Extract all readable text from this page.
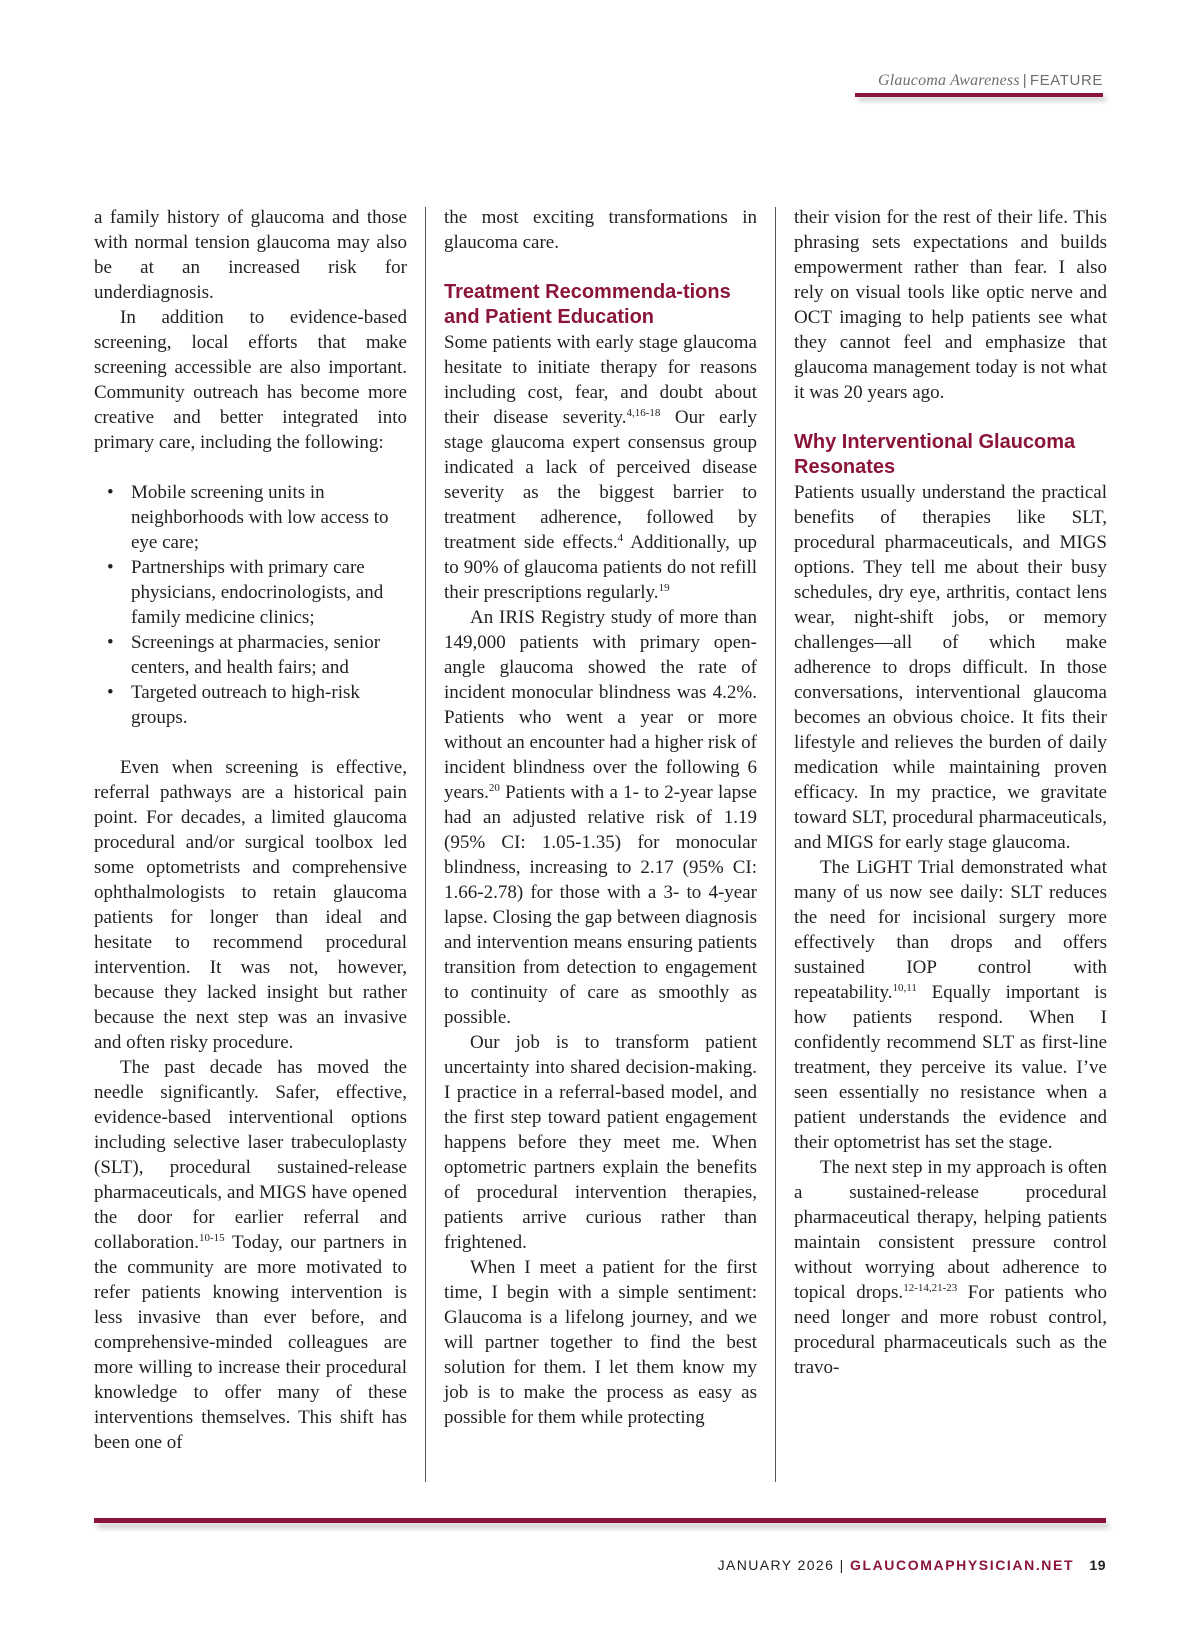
Glaucoma Awareness | FEATURE

a family history of glaucoma and those with normal tension glaucoma may also be at an increased risk for underdiagnosis.

In addition to evidence-based screening, local efforts that make screening accessible are also important. Community outreach has become more creative and better integrated into primary care, including the following:

• Mobile screening units in neighborhoods with low access to eye care;
• Partnerships with primary care physicians, endocrinologists, and family medicine clinics;
• Screenings at pharmacies, senior centers, and health fairs; and
• Targeted outreach to high-risk groups.

Even when screening is effective, referral pathways are a historical pain point. For decades, a limited glaucoma procedural and/or surgical toolbox led some optometrists and comprehensive ophthalmologists to retain glaucoma patients for longer than ideal and hesitate to recommend procedural intervention. It was not, however, because they lacked insight but rather because the next step was an invasive and often risky procedure.

The past decade has moved the needle significantly. Safer, effective, evidence-based interventional options including selective laser trabeculoplasty (SLT), procedural sustained-release pharmaceuticals, and MIGS have opened the door for earlier referral and collaboration.$^{10-15}$ Today, our partners in the community are more motivated to refer patients knowing intervention is less invasive than ever before, and comprehensive-minded colleagues are more willing to increase their procedural knowledge to offer many of these interventions themselves. This shift has been one of

the most exciting transformations in glaucoma care.

Treatment Recommenda-tions and Patient Education

Some patients with early stage glaucoma hesitate to initiate therapy for reasons including cost, fear, and doubt about their disease severity.$^{4,16-18}$ Our early stage glaucoma expert consensus group indicated a lack of perceived disease severity as the biggest barrier to treatment adherence, followed by treatment side effects.$^4$ Additionally, up to 90% of glaucoma patients do not refill their prescriptions regularly.$^{19}$

An IRIS Registry study of more than 149,000 patients with primary open-angle glaucoma showed the rate of incident monocular blindness was 4.2%. Patients who went a year or more without an encounter had a higher risk of incident blindness over the following 6 years.$^{20}$ Patients with a 1- to 2-year lapse had an adjusted relative risk of 1.19 (95% CI: 1.05-1.35) for monocular blindness, increasing to 2.17 (95% CI: 1.66-2.78) for those with a 3- to 4-year lapse. Closing the gap between diagnosis and intervention means ensuring patients transition from detection to engagement to continuity of care as smoothly as possible.

Our job is to transform patient uncertainty into shared decision-making. I practice in a referral-based model, and the first step toward patient engagement happens before they meet me. When optometric partners explain the benefits of procedural intervention therapies, patients arrive curious rather than frightened.

When I meet a patient for the first time, I begin with a simple sentiment: Glaucoma is a lifelong journey, and we will partner together to find the best solution for them. I let them know my job is to make the process as easy as possible for them while protecting

their vision for the rest of their life. This phrasing sets expectations and builds empowerment rather than fear. I also rely on visual tools like optic nerve and OCT imaging to help patients see what they cannot feel and emphasize that glaucoma management today is not what it was 20 years ago.

Why Interventional Glaucoma Resonates

Patients usually understand the practical benefits of therapies like SLT, procedural pharmaceuticals, and MIGS options. They tell me about their busy schedules, dry eye, arthritis, contact lens wear, night-shift jobs, or memory challenges—all of which make adherence to drops difficult. In those conversations, interventional glaucoma becomes an obvious choice. It fits their lifestyle and relieves the burden of daily medication while maintaining proven efficacy. In my practice, we gravitate toward SLT, procedural pharmaceuticals, and MIGS for early stage glaucoma.

The LiGHT Trial demonstrated what many of us now see daily: SLT reduces the need for incisional surgery more effectively than drops and offers sustained IOP control with repeatability.$^{10,11}$ Equally important is how patients respond. When I confidently recommend SLT as first-line treatment, they perceive its value. I’ve seen essentially no resistance when a patient understands the evidence and their optometrist has set the stage.

The next step in my approach is often a sustained-release procedural pharmaceutical therapy, helping patients maintain consistent pressure control without worrying about adherence to topical drops.$^{12-14,21-23}$ For patients who need longer and more robust control, procedural pharmaceuticals such as the travo-

JANUARY 2026 | GLAUCOMAPHYSICIAN.NET 19
